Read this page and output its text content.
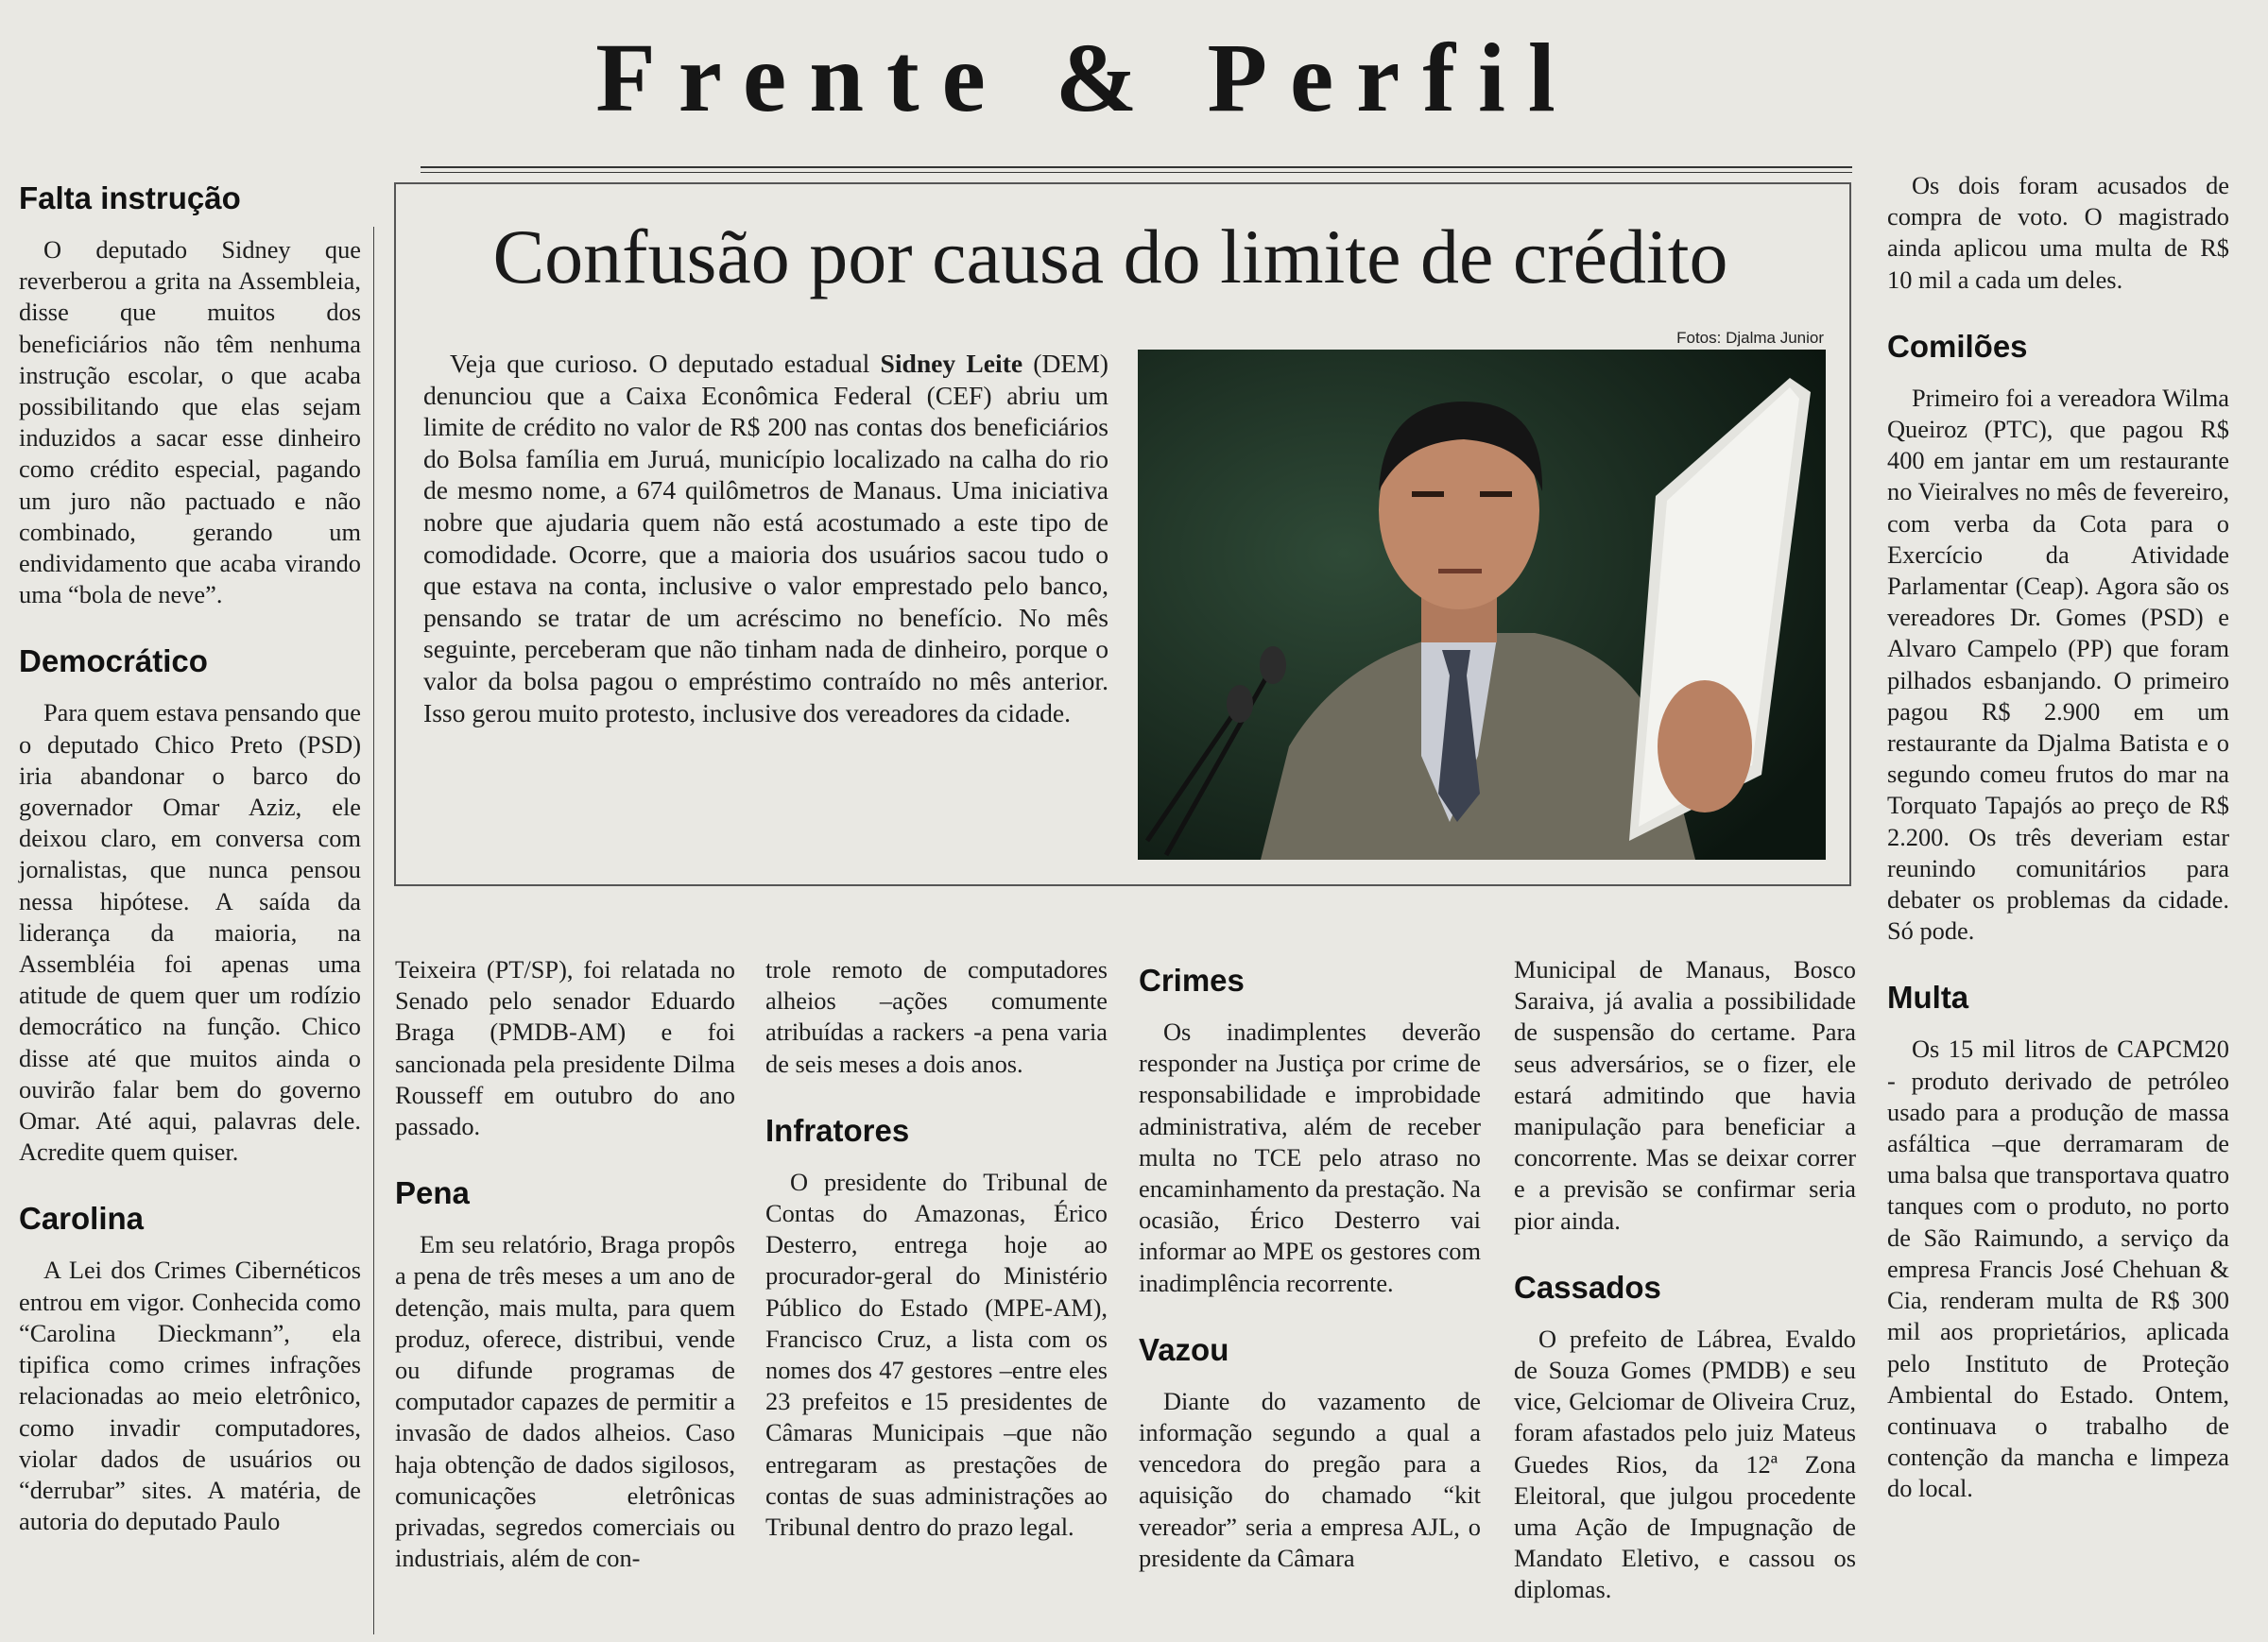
Frente & Perfil
Confusão por causa do limite de crédito
Fotos: Djalma Junior
Veja que curioso. O deputado estadual Sidney Leite (DEM) denunciou que a Caixa Econômica Federal (CEF) abriu um limite de crédito no valor de R$ 200 nas contas dos beneficiários do Bolsa família em Juruá, município localizado na calha do rio de mesmo nome, a 674 quilômetros de Manaus. Uma iniciativa nobre que ajudaria quem não está acostumado a este tipo de comodidade. Ocorre, que a maioria dos usuários sacou tudo o que estava na conta, inclusive o valor emprestado pelo banco, pensando se tratar de um acréscimo no benefício. No mês seguinte, perceberam que não tinham nada de dinheiro, porque o valor da bolsa pagou o empréstimo contraído no mês anterior. Isso gerou muito protesto, inclusive dos vereadores da cidade.
Falta instrução

O deputado Sidney que reverberou a grita na Assembleia, disse que muitos dos beneficiários não têm nenhuma instrução escolar, o que acaba possibilitando que elas sejam induzidos a sacar esse dinheiro como crédito especial, pagando um juro não pactuado e não combinado, gerando um endividamento que acaba virando uma “bola de neve”.

Democrático

Para quem estava pensando que o deputado Chico Preto (PSD) iria abandonar o barco do governador Omar Aziz, ele deixou claro, em conversa com jornalistas, que nunca pensou nessa hipótese. A saída da liderança da maioria, na Assembléia foi apenas uma atitude de quem quer um rodízio democrático na função. Chico disse até que muitos ainda o ouvirão falar bem do governo Omar. Até aqui, palavras dele. Acredite quem quiser.

Carolina

A Lei dos Crimes Cibernéticos entrou em vigor. Conhecida como “Carolina Dieckmann”, ela tipifica como crimes infrações relacionadas ao meio eletrônico, como invadir computadores, violar dados de usuários ou “derrubar” sites. A matéria, de autoria do deputado Paulo

Teixeira (PT/SP), foi relatada no Senado pelo senador Eduardo Braga (PMDB-AM) e foi sancionada pela presidente Dilma Rousseff em outubro do ano passado.

Pena

Em seu relatório, Braga propôs a pena de três meses a um ano de detenção, mais multa, para quem produz, oferece, distribui, vende ou difunde programas de computador capazes de permitir a invasão de dados alheios. Caso haja obtenção de dados sigilosos, comunicações eletrônicas privadas, segredos comerciais ou industriais, além de con-

trole remoto de computadores alheios –ações comumente atribuídas a rackers -a pena varia de seis meses a dois anos.

Infratores

O presidente do Tribunal de Contas do Amazonas, Érico Desterro, entrega hoje ao procurador-geral do Ministério Público do Estado (MPE-AM), Francisco Cruz, a lista com os nomes dos 47 gestores –entre eles 23 prefeitos e 15 presidentes de Câmaras Municipais –que não entregaram as prestações de contas de suas administrações ao Tribunal dentro do prazo legal.

Crimes

Os inadimplentes deverão responder na Justiça por crime de responsabilidade e improbidade administrativa, além de receber multa no TCE pelo atraso no encaminhamento da prestação. Na ocasião, Érico Desterro vai informar ao MPE os gestores com inadimplência recorrente.

Vazou

Diante do vazamento de informação segundo a qual a vencedora do pregão para a aquisição do chamado “kit vereador” seria a empresa AJL, o presidente da Câmara

Municipal de Manaus, Bosco Saraiva, já avalia a possibilidade de suspensão do certame. Para seus adversários, se o fizer, ele estará admitindo que havia manipulação para beneficiar a concorrente. Mas se deixar correr e a previsão se confirmar seria pior ainda.

Cassados

O prefeito de Lábrea, Evaldo de Souza Gomes (PMDB) e seu vice, Gelciomar de Oliveira Cruz, foram afastados pelo juiz Mateus Guedes Rios, da 12ª Zona Eleitoral, que julgou procedente uma Ação de Impugnação de Mandato Eletivo, e cassou os diplomas.

Os dois foram acusados de compra de voto. O magistrado ainda aplicou uma multa de R$ 10 mil a cada um deles.

Comilões

Primeiro foi a vereadora Wilma Queiroz (PTC), que pagou R$ 400 em jantar em um restaurante no Vieiralves no mês de fevereiro, com verba da Cota para o Exercício da Atividade Parlamentar (Ceap). Agora são os vereadores Dr. Gomes (PSD) e Alvaro Campelo (PP) que foram pilhados esbanjando. O primeiro pagou R$ 2.900 em um restaurante da Djalma Batista e o segundo comeu frutos do mar na Torquato Tapajós ao preço de R$ 2.200. Os três deveriam estar reunindo comunitários para debater os problemas da cidade. Só pode.

Multa

Os 15 mil litros de CAPCM20 - produto derivado de petróleo usado para a produção de massa asfáltica –que derramaram de uma balsa que transportava quatro tanques com o produto, no porto de São Raimundo, a serviço da empresa Francis José Chehuan & Cia, renderam multa de R$ 300 mil aos proprietários, aplicada pelo Instituto de Proteção Ambiental do Estado. Ontem, continuava o trabalho de contenção da mancha e limpeza do local.
